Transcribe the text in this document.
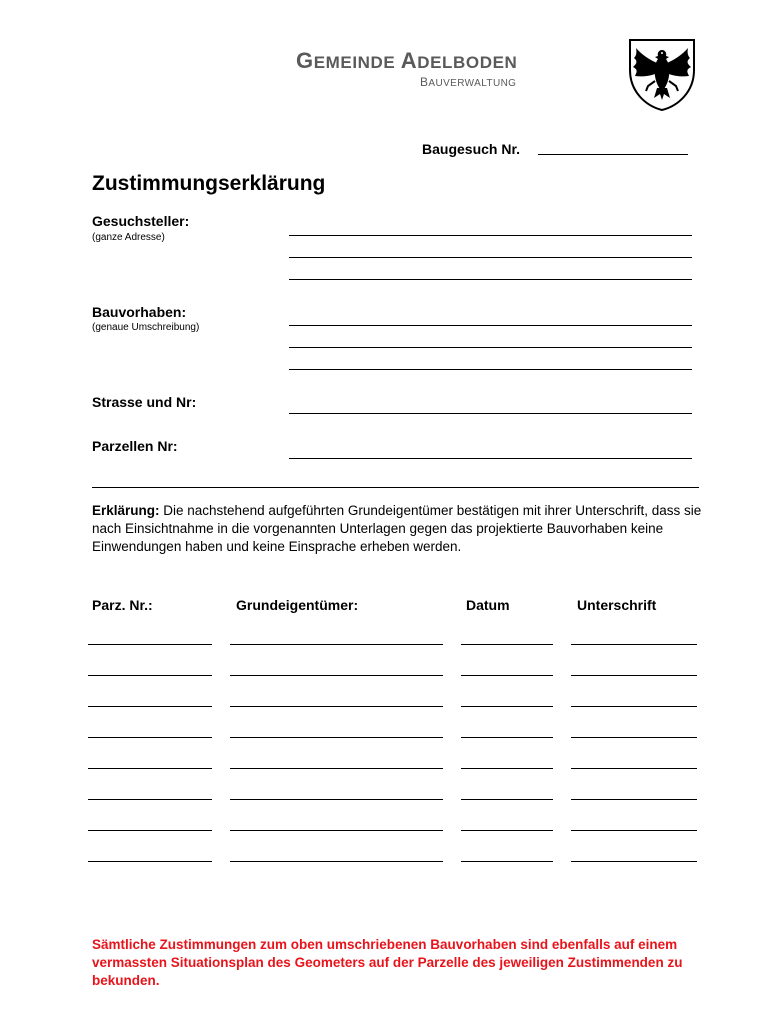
GEMEINDE ADELBODEN
BAUVERWALTUNG
Baugesuch Nr.
Zustimmungserklärung
Gesuchsteller:
(ganze Adresse)
Bauvorhaben:
(genaue Umschreibung)
Strasse und Nr:
Parzellen Nr:
Erklärung: Die nachstehend aufgeführten Grundeigentümer bestätigen mit ihrer Unterschrift, dass sie nach Einsichtnahme in die vorgenannten Unterlagen gegen das projektierte Bauvorhaben keine Einwendungen haben und keine Einsprache erheben werden.
Parz. Nr.:	Grundeigentümer:	Datum	Unterschrift
Sämtliche Zustimmungen zum oben umschriebenen Bauvorhaben sind ebenfalls auf einem vermassten Situationsplan des Geometers auf der Parzelle des jeweiligen Zustimmenden zu bekunden.
